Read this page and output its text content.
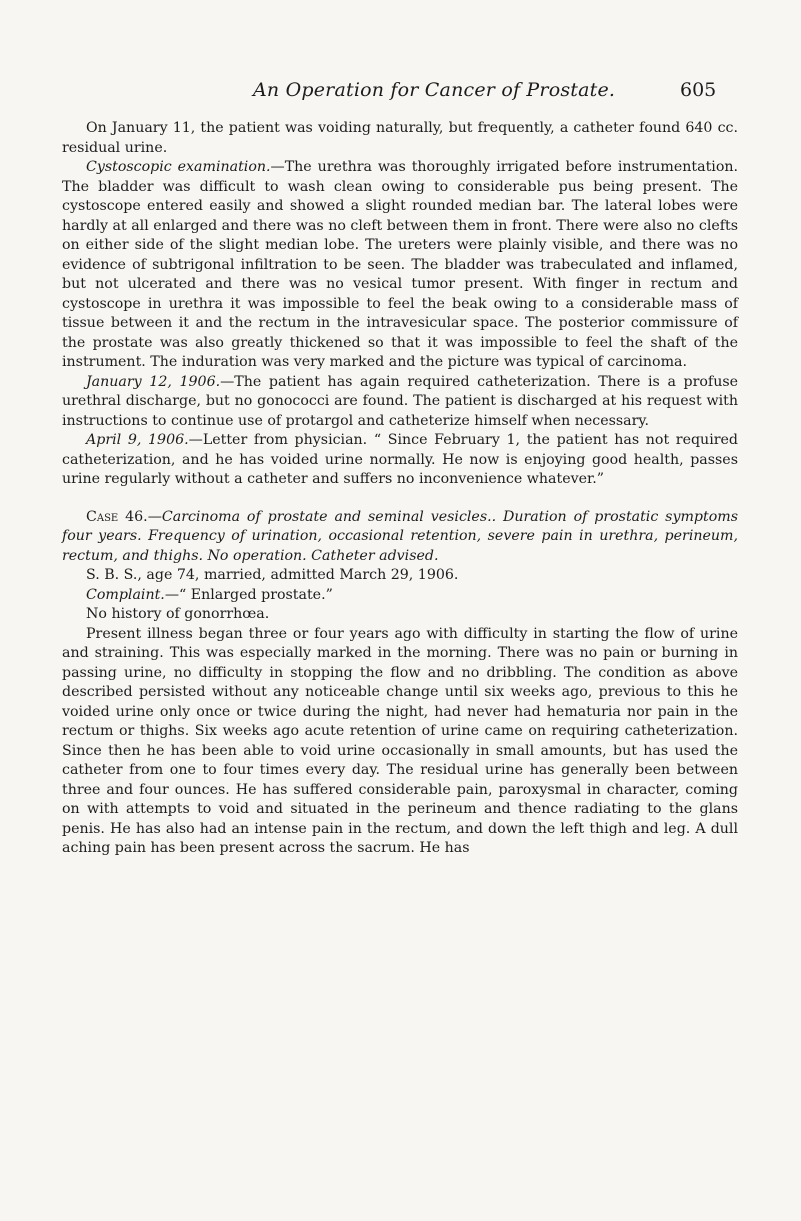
An Operation for Cancer of Prostate.	605

On January 11, the patient was voiding naturally, but frequently, a catheter found 640 cc. residual urine.

Cystoscopic examination.—The urethra was thoroughly irrigated before instrumentation. The bladder was difficult to wash clean owing to considerable pus being present. The cystoscope entered easily and showed a slight rounded median bar. The lateral lobes were hardly at all enlarged and there was no cleft between them in front. There were also no clefts on either side of the slight median lobe. The ureters were plainly visible, and there was no evidence of subtrigonal infiltration to be seen. The bladder was trabeculated and inflamed, but not ulcerated and there was no vesical tumor present. With finger in rectum and cystoscope in urethra it was impossible to feel the beak owing to a considerable mass of tissue between it and the rectum in the intravesicular space. The posterior commissure of the prostate was also greatly thickened so that it was impossible to feel the shaft of the instrument. The induration was very marked and the picture was typical of carcinoma.

January 12, 1906.—The patient has again required catheterization. There is a profuse urethral discharge, but no gonococci are found. The patient is discharged at his request with instructions to continue use of protargol and catheterize himself when necessary.

April 9, 1906.—Letter from physician. “ Since February 1, the patient has not required catheterization, and he has voided urine normally. He now is enjoying good health, passes urine regularly without a catheter and suffers no inconvenience whatever.”

Case 46.—Carcinoma of prostate and seminal vesicles.. Duration of prostatic symptoms four years. Frequency of urination, occasional retention, severe pain in urethra, perineum, rectum, and thighs. No operation. Catheter advised.

S. B. S., age 74, married, admitted March 29, 1906.

Complaint.—“ Enlarged prostate.”

No history of gonorrhœa.

Present illness began three or four years ago with difficulty in starting the flow of urine and straining. This was especially marked in the morning. There was no pain or burning in passing urine, no difficulty in stopping the flow and no dribbling. The condition as above described persisted without any noticeable change until six weeks ago, previous to this he voided urine only once or twice during the night, had never had hematuria nor pain in the rectum or thighs. Six weeks ago acute retention of urine came on requiring catheterization. Since then he has been able to void urine occasionally in small amounts, but has used the catheter from one to four times every day. The residual urine has generally been between three and four ounces. He has suffered considerable pain, paroxysmal in character, coming on with attempts to void and situated in the perineum and thence radiating to the glans penis. He has also had an intense pain in the rectum, and down the left thigh and leg. A dull aching pain has been present across the sacrum. He has
